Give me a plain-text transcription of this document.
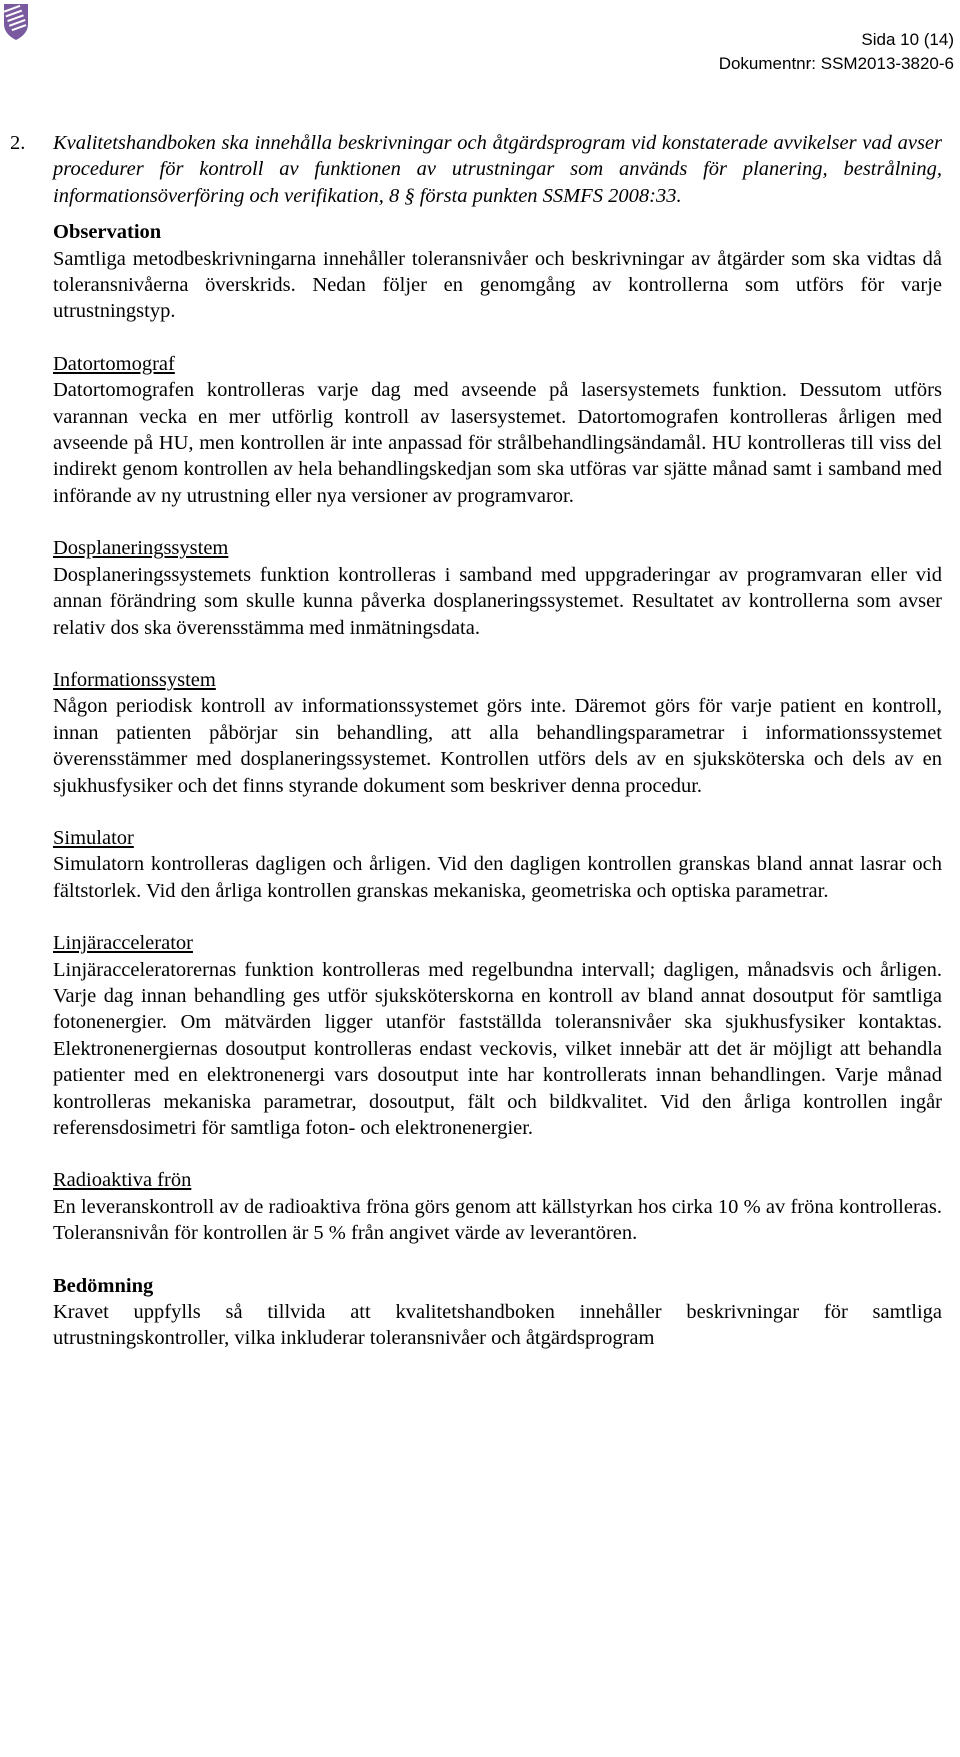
Sida 10 (14)
Dokumentnr: SSM2013-3820-6
2.	Kvalitetshandboken ska innehålla beskrivningar och åtgärdsprogram vid konstaterade avvikelser vad avser procedurer för kontroll av funktionen av utrustningar som används för planering, bestrålning, informationsöverföring och verifikation, 8 § första punkten SSMFS 2008:33.
Observation

Samtliga metodbeskrivningarna innehåller toleransnivåer och beskrivningar av åtgärder som ska vidtas då toleransnivåerna överskrids. Nedan följer en genomgång av kontrollerna som utförs för varje utrustningstyp.

Datortomograf

Datortomografen kontrolleras varje dag med avseende på lasersystemets funktion. Dessutom utförs varannan vecka en mer utförlig kontroll av lasersystemet. Datortomografen kontrolleras årligen med avseende på HU, men kontrollen är inte anpassad för strålbehandlingsändamål. HU kontrolleras till viss del indirekt genom kontrollen av hela behandlingskedjan som ska utföras var sjätte månad samt i samband med införande av ny utrustning eller nya versioner av programvaror.

Dosplaneringssystem

Dosplaneringssystemets funktion kontrolleras i samband med uppgraderingar av programvaran eller vid annan förändring som skulle kunna påverka dosplaneringssystemet. Resultatet av kontrollerna som avser relativ dos ska överensstämma med inmätningsdata.

Informationssystem

Någon periodisk kontroll av informationssystemet görs inte. Däremot görs för varje patient en kontroll, innan patienten påbörjar sin behandling, att alla behandlingsparametrar i informationssystemet överensstämmer med dosplaneringssystemet. Kontrollen utförs dels av en sjuksköterska och dels av en sjukhusfysiker och det finns styrande dokument som beskriver denna procedur.

Simulator

Simulatorn kontrolleras dagligen och årligen. Vid den dagligen kontrollen granskas bland annat lasrar och fältstorlek. Vid den årliga kontrollen granskas mekaniska, geometriska och optiska parametrar.

Linjäraccelerator

Linjäracceleratorernas funktion kontrolleras med regelbundna intervall; dagligen, månadsvis och årligen. Varje dag innan behandling ges utför sjuksköterskorna en kontroll av bland annat dosoutput för samtliga fotonenergier. Om mätvärden ligger utanför fastställda toleransnivåer ska sjukhusfysiker kontaktas. Elektronenergiernas dosoutput kontrolleras endast veckovis, vilket innebär att det är möjligt att behandla patienter med en elektronenergi vars dosoutput inte har kontrollerats innan behandlingen. Varje månad kontrolleras mekaniska parametrar, dosoutput, fält och bildkvalitet. Vid den årliga kontrollen ingår referensdosimetri för samtliga foton- och elektronenergier.

Radioaktiva frön

En leveranskontroll av de radioaktiva fröna görs genom att källstyrkan hos cirka 10 % av fröna kontrolleras. Toleransnivån för kontrollen är 5 % från angivet värde av leverantören.

Bedömning

Kravet uppfylls så tillvida att kvalitetshandboken innehåller beskrivningar för samtliga utrustningskontroller, vilka inkluderar toleransnivåer och åtgärdsprogram
